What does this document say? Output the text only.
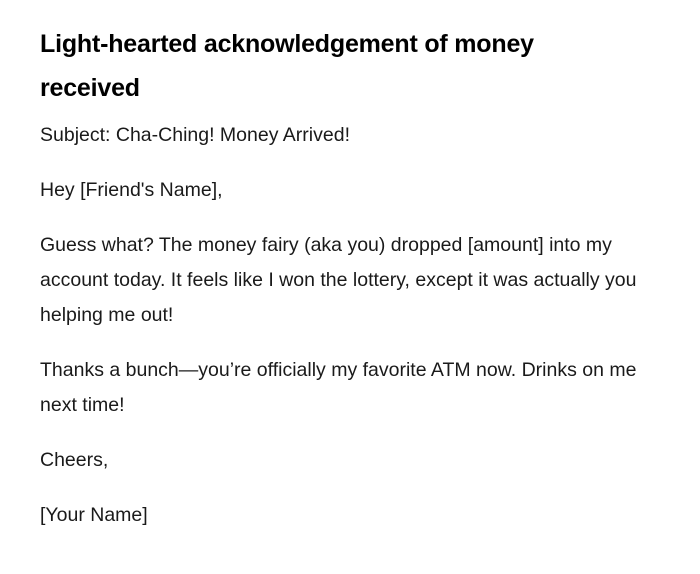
Light-hearted acknowledgement of money received

Subject: Cha-Ching! Money Arrived!

Hey [Friend's Name],

Guess what? The money fairy (aka you) dropped [amount] into my account today. It feels like I won the lottery, except it was actually you helping me out!

Thanks a bunch—you’re officially my favorite ATM now. Drinks on me next time!

Cheers,

[Your Name]
